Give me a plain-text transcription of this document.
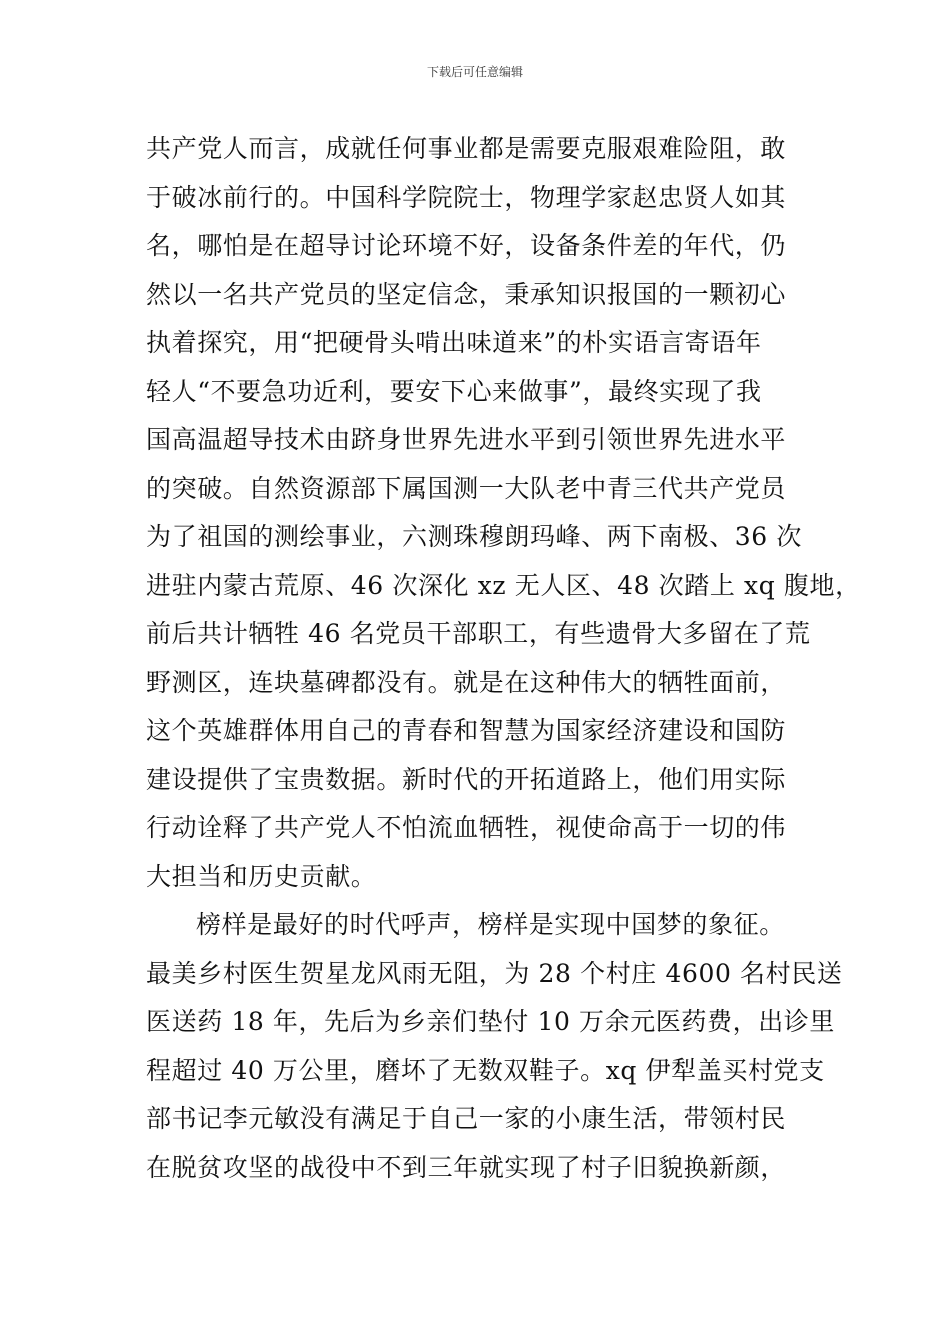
下载后可任意编辑
共产党人而言，成就任何事业都是需要克服艰难险阻，敢
于破冰前行的。中国科学院院士，物理学家赵忠贤人如其
名，哪怕是在超导讨论环境不好，设备条件差的年代，仍
然以一名共产党员的坚定信念，秉承知识报国的一颗初心
执着探究，用“把硬骨头啃出味道来”的朴实语言寄语年
轻人“不要急功近利，要安下心来做事”，最终实现了我
国高温超导技术由跻身世界先进水平到引领世界先进水平
的突破。自然资源部下属国测一大队老中青三代共产党员
为了祖国的测绘事业，六测珠穆朗玛峰、两下南极、36 次
进驻内蒙古荒原、46 次深化 xz 无人区、48 次踏上 xq 腹地，
前后共计牺牲 46 名党员干部职工，有些遗骨大多留在了荒
野测区，连块墓碑都没有。就是在这种伟大的牺牲面前，
这个英雄群体用自己的青春和智慧为国家经济建设和国防
建设提供了宝贵数据。新时代的开拓道路上，他们用实际
行动诠释了共产党人不怕流血牺牲，视使命高于一切的伟
大担当和历史贡献。
榜样是最好的时代呼声，榜样是实现中国梦的象征。
最美乡村医生贺星龙风雨无阻，为 28 个村庄 4600 名村民送
医送药 18 年，先后为乡亲们垫付 10 万余元医药费，出诊里
程超过 40 万公里，磨坏了无数双鞋子。xq 伊犁盖买村党支
部书记李元敏没有满足于自己一家的小康生活，带领村民
在脱贫攻坚的战役中不到三年就实现了村子旧貌换新颜，
